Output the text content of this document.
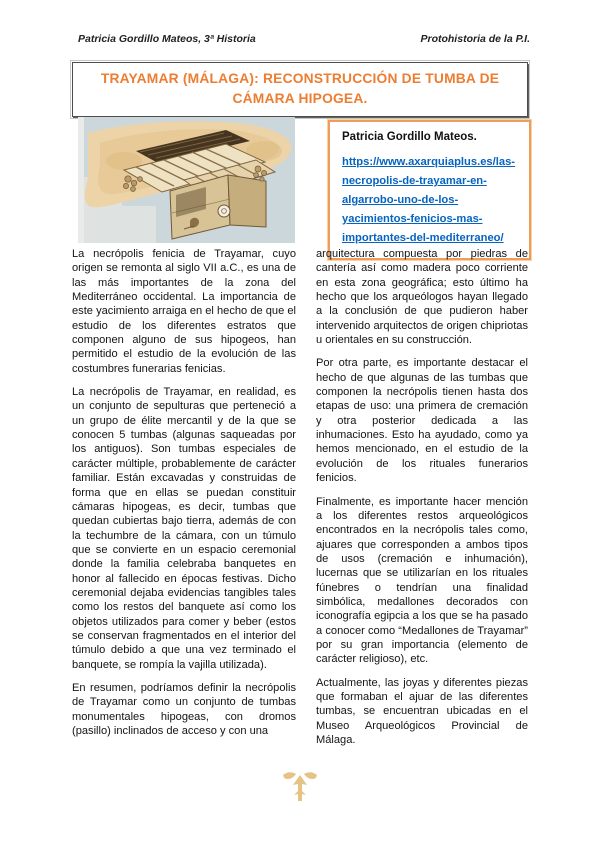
Patricia Gordillo Mateos, 3ª Historia	Protohistoria de la P.I.
TRAYAMAR (MÁLAGA): RECONSTRUCCIÓN DE TUMBA DE CÁMARA HIPOGEA.

Patricia Gordillo Mateos.

https://www.axarquiaplus.es/las-necropolis-de-trayamar-en-algarrobo-uno-de-los-yacimientos-fenicios-mas-importantes-del-mediterraneo/

La necrópolis fenicia de Trayamar, cuyo origen se remonta al siglo VII a.C., es una de las más importantes de la zona del Mediterráneo occidental. La importancia de este yacimiento arraiga en el hecho de que el estudio de los diferentes estratos que componen alguno de sus hipogeos, han permitido el estudio de la evolución de las costumbres funerarias fenicias.

La necrópolis de Trayamar, en realidad, es un conjunto de sepulturas que perteneció a un grupo de élite mercantil y de la que se conocen 5 tumbas (algunas saqueadas por los antiguos). Son tumbas especiales de carácter múltiple, probablemente de carácter familiar. Están excavadas y construidas de forma que en ellas se puedan constituir cámaras hipogeas, es decir, tumbas que quedan cubiertas bajo tierra, además de con la techumbre de la cámara, con un túmulo que se convierte en un espacio ceremonial donde la familia celebraba banquetes en honor al fallecido en épocas festivas. Dicho ceremonial dejaba evidencias tangibles tales como los restos del banquete así como los objetos utilizados para comer y beber (estos se conservan fragmentados en el interior del túmulo debido a que una vez terminado el banquete, se rompía la vajilla utilizada).

En resumen, podríamos definir la necrópolis de Trayamar como un conjunto de tumbas monumentales hipogeas, con dromos (pasillo) inclinados de acceso y con una

arquitectura compuesta por piedras de cantería así como madera poco corriente en esta zona geográfica; esto último ha hecho que los arqueólogos hayan llegado a la conclusión de que pudieron haber intervenido arquitectos de origen chipriotas u orientales en su construcción.

Por otra parte, es importante destacar el hecho de que algunas de las tumbas que componen la necrópolis tienen hasta dos etapas de uso: una primera de cremación y otra posterior dedicada a las inhumaciones. Esto ha ayudado, como ya hemos mencionado, en el estudio de la evolución de los rituales funerarios fenicios.

Finalmente, es importante hacer mención a los diferentes restos arqueológicos encontrados en la necrópolis tales como, ajuares que corresponden a ambos tipos de usos (cremación e inhumación), lucernas que se utilizarían en los rituales fúnebres o tendrían una finalidad simbólica, medallones decorados con iconografía egipcia a los que se ha pasado a conocer como “Medallones de Trayamar” por su gran importancia (elemento de carácter religioso), etc.

Actualmente, las joyas y diferentes piezas que formaban el ajuar de las diferentes tumbas, se encuentran ubicadas en el Museo Arqueológicos Provincial de Málaga.
